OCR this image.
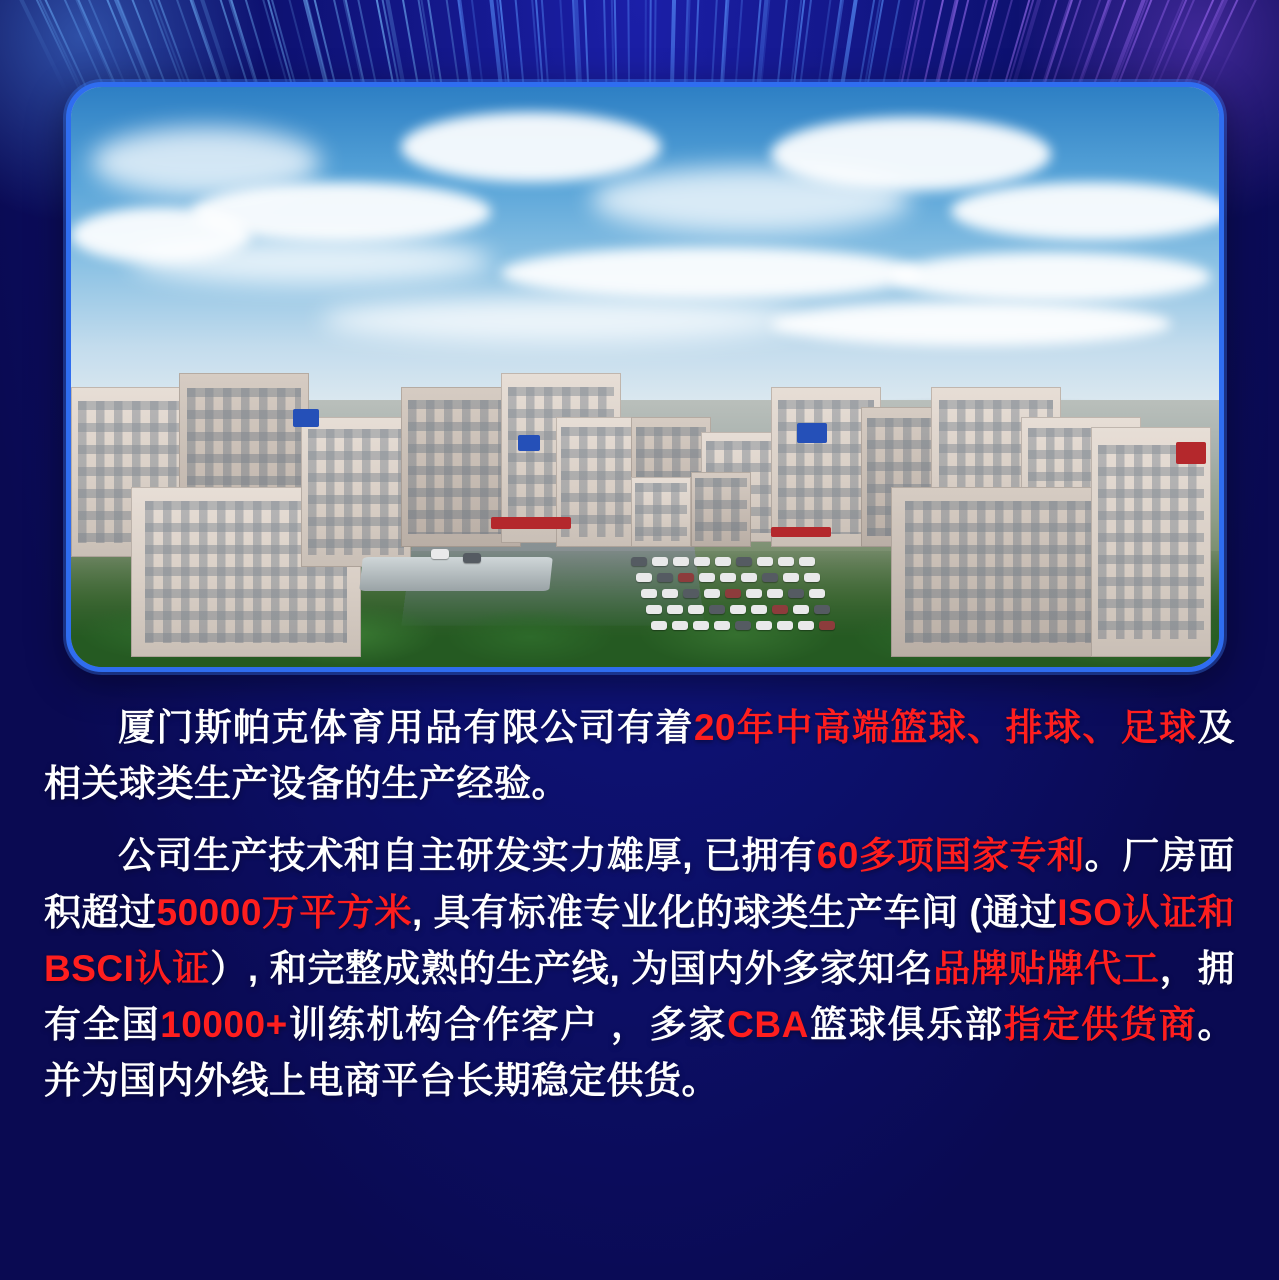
厦门斯帕克体育用品有限公司有着20年中高端篮球、排球、足球及相关球类生产设备的生产经验。

公司生产技术和自主研发实力雄厚, 已拥有60多项国家专利。厂房面积超过50000万平方米, 具有标准专业化的球类生产车间 (通过ISO认证和BSCI认证）, 和完整成熟的生产线, 为国内外多家知名品牌贴牌代工，拥有全国10000+训练机构合作客户 ，多家CBA篮球俱乐部指定供货商。并为国内外线上电商平台长期稳定供货。
